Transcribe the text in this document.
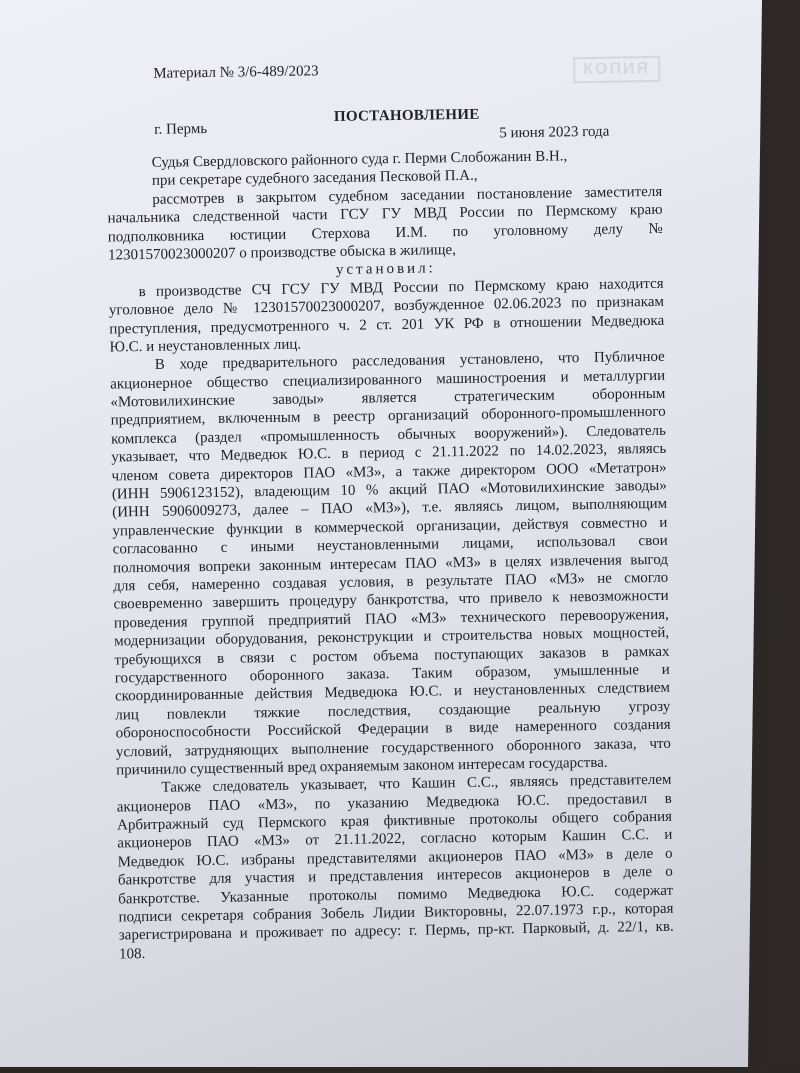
КОПИЯ
Материал № 3/6-489/2023
ПОСТАНОВЛЕНИЕ
г. Пермь	5 июня 2023 года
Судья Свердловского районного суда г. Перми Слобожанин В.Н.,
при секретаре судебного заседания Песковой П.А.,
рассмотрев в закрытом судебном заседании постановление заместителя
начальника следственной части ГСУ ГУ МВД России по Пермскому краю
подполковника юстиции Стерхова И.М. по уголовному делу №
12301570023000207 о производстве обыска в жилище,
установил:
в производстве СЧ ГСУ ГУ МВД России по Пермскому краю находится
уголовное дело № 12301570023000207, возбужденное 02.06.2023 по признакам
преступления, предусмотренного ч. 2 ст. 201 УК РФ в отношении Медведюка
Ю.С. и неустановленных лиц.
В ходе предварительного расследования установлено, что Публичное
акционерное общество специализированного машиностроения и металлургии
«Мотовилихинские заводы» является стратегическим оборонным
предприятием, включенным в реестр организаций оборонного-промышленного
комплекса (раздел «промышленность обычных вооружений»). Следователь
указывает, что Медведюк Ю.С. в период с 21.11.2022 по 14.02.2023, являясь
членом совета директоров ПАО «МЗ», а также директором ООО «Метатрон»
(ИНН 5906123152), владеющим 10 % акций ПАО «Мотовилихинские заводы»
(ИНН 5906009273, далее – ПАО «МЗ»), т.е. являясь лицом, выполняющим
управленческие функции в коммерческой организации, действуя совместно и
согласованно с иными неустановленными лицами, использовал свои
полномочия вопреки законным интересам ПАО «МЗ» в целях извлечения выгод
для себя, намеренно создавая условия, в результате ПАО «МЗ» не смогло
своевременно завершить процедуру банкротства, что привело к невозможности
проведения группой предприятий ПАО «МЗ» технического перевооружения,
модернизации оборудования, реконструкции и строительства новых мощностей,
требующихся в связи с ростом объема поступающих заказов в рамках
государственного оборонного заказа. Таким образом, умышленные и
скоординированные действия Медведюка Ю.С. и неустановленных следствием
лиц повлекли тяжкие последствия, создающие реальную угрозу
обороноспособности Российской Федерации в виде намеренного создания
условий, затрудняющих выполнение государственного оборонного заказа, что
причинило существенный вред охраняемым законом интересам государства.
Также следователь указывает, что Кашин С.С., являясь представителем
акционеров ПАО «МЗ», по указанию Медведюка Ю.С. предоставил в
Арбитражный суд Пермского края фиктивные протоколы общего собрания
акционеров ПАО «МЗ» от 21.11.2022, согласно которым Кашин С.С. и
Медведюк Ю.С. избраны представителями акционеров ПАО «МЗ» в деле о
банкротстве для участия и представления интересов акционеров в деле о
банкротстве. Указанные протоколы помимо Медведюка Ю.С. содержат
подписи секретаря собрания Зобель Лидии Викторовны, 22.07.1973 г.р., которая
зарегистрирована и проживает по адресу: г. Пермь, пр-кт. Парковый, д. 22/1, кв.
108.
